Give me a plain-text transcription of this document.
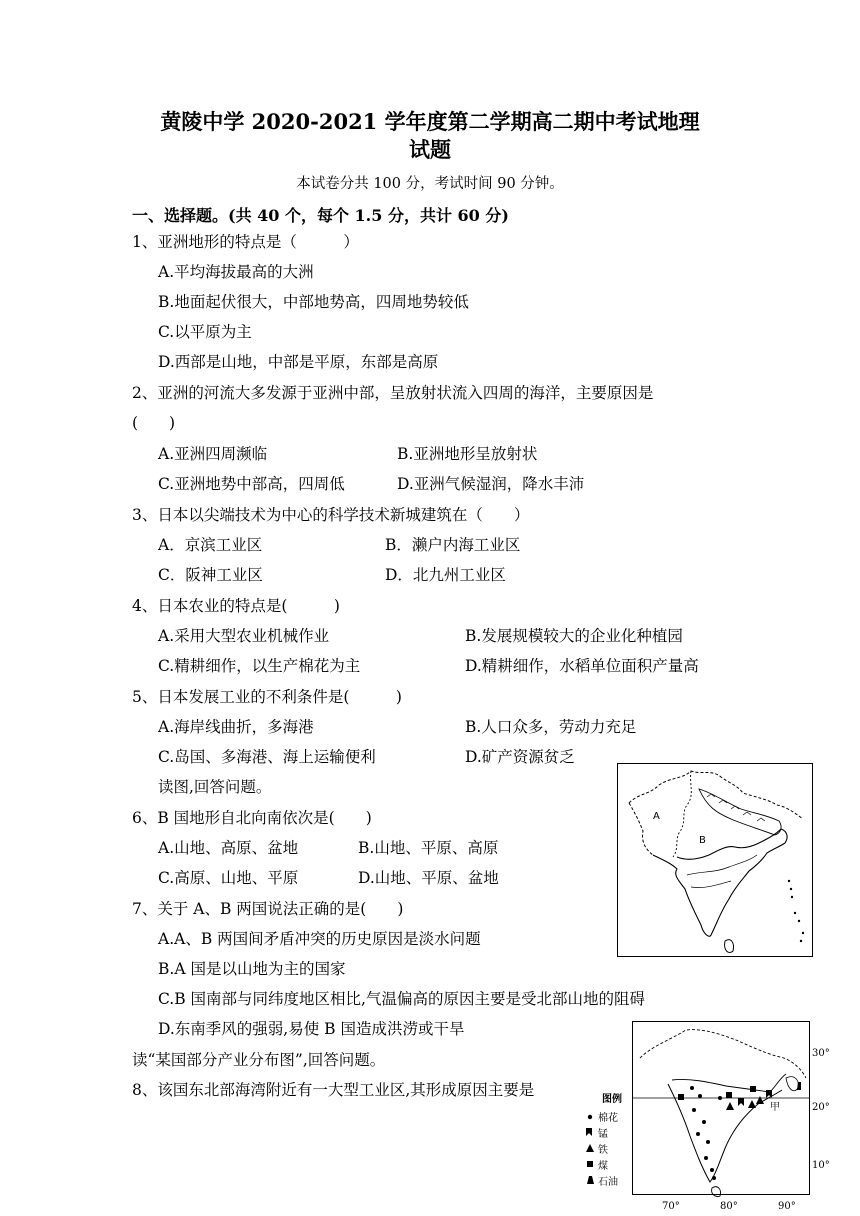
黄陵中学 2020-2021 学年度第二学期高二期中考试地理
试题
本试卷分共 100 分，考试时间 90 分钟。
一、选择题。(共 40 个，每个 1.5 分，共计 60 分)
1、亚洲地形的特点是（　　　）
A.平均海拔最高的大洲
B.地面起伏很大，中部地势高，四周地势较低
C.以平原为主
D.西部是山地，中部是平原，东部是高原
2、亚洲的河流大多发源于亚洲中部，呈放射状流入四周的海洋，主要原因是
(　　)
A.亚洲四周濒临	B.亚洲地形呈放射状
C.亚洲地势中部高，四周低	D.亚洲气候湿润，降水丰沛
3、日本以尖端技术为中心的科学技术新城建筑在（　　）
A．京滨工业区	B．濑户内海工业区
C．阪神工业区	D．北九州工业区
4、日本农业的特点是(　　　)
A.采用大型农业机械作业	B.发展规模较大的企业化种植园
C.精耕细作，以生产棉花为主	D.精耕细作，水稻单位面积产量高
5、日本发展工业的不利条件是(　　　)
A.海岸线曲折，多海港	B.人口众多，劳动力充足
C.岛国、多海港、海上运输便利	D.矿产资源贫乏
读图,回答问题。
6、B 国地形自北向南依次是(　　)
A.山地、高原、盆地	B.山地、平原、高原
C.高原、山地、平原	D.山地、平原、盆地
7、关于 A、B 两国说法正确的是(　　)
A.A、B 两国间矛盾冲突的历史原因是淡水问题
B.A 国是以山地为主的国家
C.B 国南部与同纬度地区相比,气温偏高的原因主要是受北部山地的阻碍
D.东南季风的强弱,易使 B 国造成洪涝或干旱
读“某国部分产业分布图”,回答问题。
8、该国东北部海湾附近有一大型工业区,其形成原因主要是
A
B
甲
图例
棉花
锰
铁
煤
石油
30°
20°
10°
70°	80°	90°
